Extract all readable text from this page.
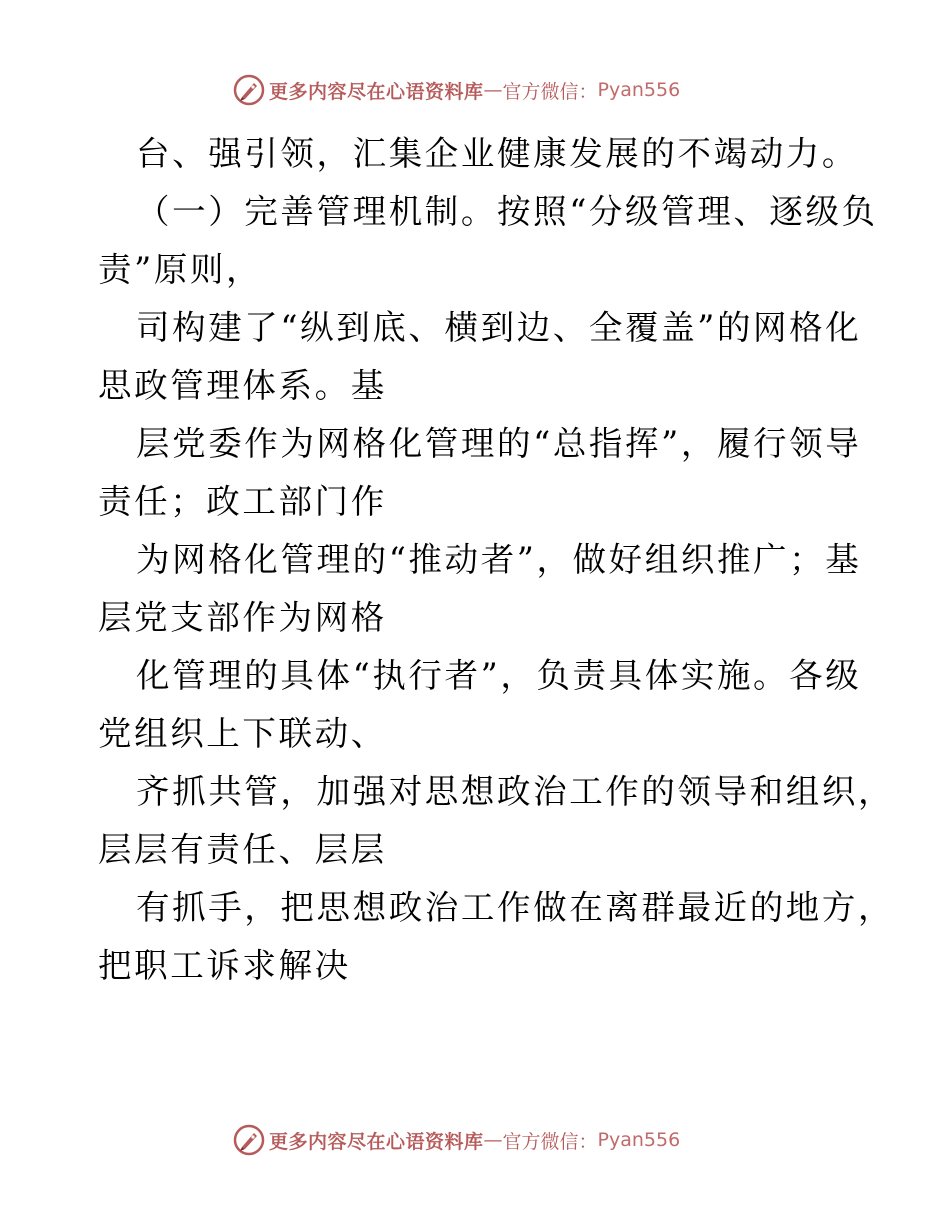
更多内容尽在心语资料库 — 官方微信： Pyan556
台、强引领，汇集企业健康发展的不竭动力。
（一）完善管理机制。按照“分级管理、逐级负
责”原则，
司构建了“纵到底、横到边、全覆盖”的网格化
思政管理体系。基
层党委作为网格化管理的“总指挥”，履行领导
责任；政工部门作
为网格化管理的“推动者”，做好组织推广；基
层党支部作为网格
化管理的具体“执行者”，负责具体实施。各级
党组织上下联动、
齐抓共管，加强对思想政治工作的领导和组织，
层层有责任、层层
有抓手，把思想政治工作做在离群最近的地方，
把职工诉求解决
更多内容尽在心语资料库 — 官方微信： Pyan556
